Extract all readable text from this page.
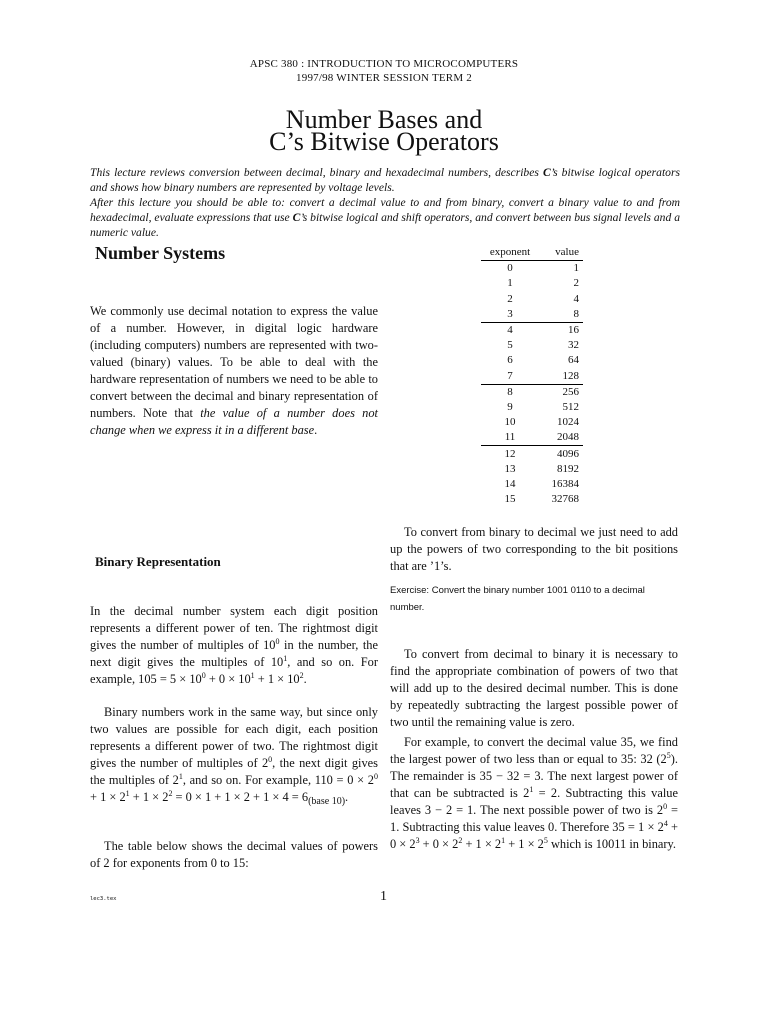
APSC 380 : INTRODUCTION TO MICROCOMPUTERS
1997/98 WINTER SESSION TERM 2
Number Bases and
C’s Bitwise Operators
This lecture reviews conversion between decimal, binary and hexadecimal numbers, describes C’s bitwise logical operators and shows how binary numbers are represented by voltage levels.
After this lecture you should be able to: convert a decimal value to and from binary, convert a binary value to and from hexadecimal, evaluate expressions that use C’s bitwise logical and shift operators, and convert between bus signal levels and a numeric value.
Number Systems
We commonly use decimal notation to express the value of a number. However, in digital logic hardware (including computers) numbers are represented with two-valued (binary) values. To be able to deal with the hardware representation of numbers we need to be able to convert between the decimal and binary representation of numbers. Note that the value of a number does not change when we express it in a different base.
Binary Representation
In the decimal number system each digit position represents a different power of ten. The rightmost digit gives the number of multiples of $10^0$ in the number, the next digit gives the multiples of $10^1$, and so on. For example, $105 = 5 \times 10^0 + 0 \times 10^1 + 1 \times 10^2$.
Binary numbers work in the same way, but since only two values are possible for each digit, each position represents a different power of two. The rightmost digit gives the number of multiples of $2^0$, the next digit gives the multiples of $2^1$, and so on. For example, $110 = 0 \times 2^0 + 1 \times 2^1 + 1 \times 2^2 = 0 \times 1 + 1 \times 2 + 1 \times 4 = 6_{(base 10)}$.
The table below shows the decimal values of powers of 2 for exponents from 0 to 15:
exponent	value
0	1
1	2
2	4
3	8
4	16
5	32
6	64
7	128
8	256
9	512
10	1024
11	2048
12	4096
13	8192
14	16384
15	32768
To convert from binary to decimal we just need to add up the powers of two corresponding to the bit positions that are ’1’s.
Exercise: Convert the binary number 1001 0110 to a decimal number.
To convert from decimal to binary it is necessary to find the appropriate combination of powers of two that will add up to the desired decimal number. This is done by repeatedly subtracting the largest possible power of two until the remaining value is zero.
For example, to convert the decimal value 35, we find the largest power of two less than or equal to 35: 32 $(2^5)$. The remainder is 35 − 32 = 3. The next largest power of that can be subtracted is $2^1 = 2$. Subtracting this value leaves 3 − 2 = 1. The next possible power of two is $2^0 = 1$. Subtracting this value leaves 0. Therefore $35 = 1 \times 2^4 + 0 \times 2^3 + 0 \times 2^2 + 1 \times 2^1 + 1 \times 2^5$ which is 10011 in binary.
lec3.tex	1
